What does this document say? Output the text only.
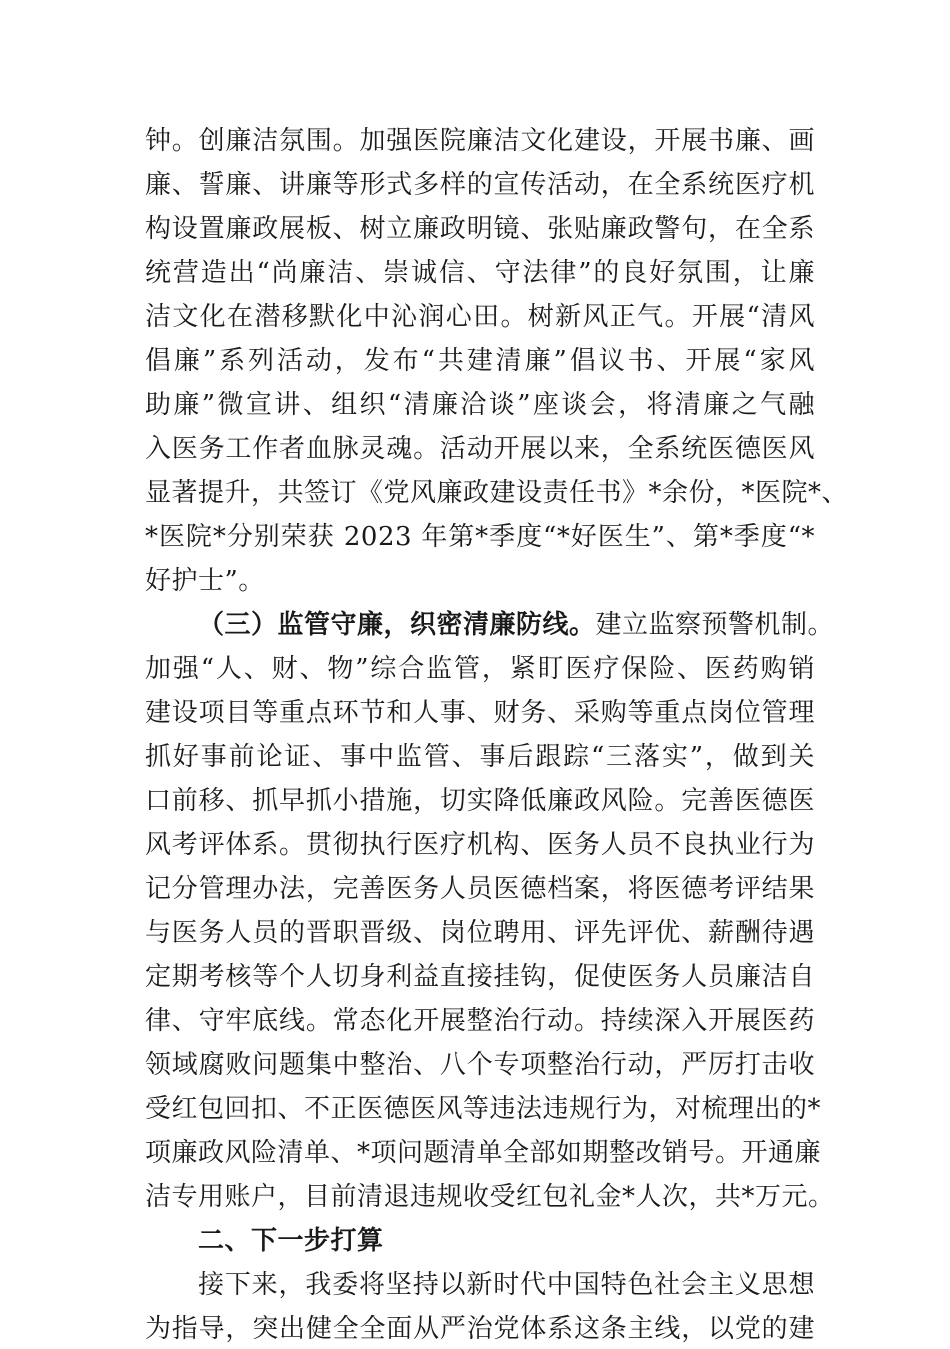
钟。创廉洁氛围。加强医院廉洁文化建设，开展书廉、画
廉、誓廉、讲廉等形式多样的宣传活动，在全系统医疗机
构设置廉政展板、树立廉政明镜、张贴廉政警句，在全系
统营造出“尚廉洁、崇诚信、守法律”的良好氛围，让廉
洁文化在潜移默化中沁润心田。树新风正气。开展“清风
倡廉”系列活动，发布“共建清廉”倡议书、开展“家风
助廉”微宣讲、组织“清廉洽谈”座谈会，将清廉之气融
入医务工作者血脉灵魂。活动开展以来，全系统医德医风
显著提升，共签订《党风廉政建设责任书》*余份，*医院*、
*医院*分别荣获 2023 年第*季度“*好医生”、第*季度“*
好护士”。
（三）监管守廉，织密清廉防线。建立监察预警机制。
加强“人、财、物”综合监管，紧盯医疗保险、医药购销
建设项目等重点环节和人事、财务、采购等重点岗位管理
抓好事前论证、事中监管、事后跟踪“三落实”，做到关
口前移、抓早抓小措施，切实降低廉政风险。完善医德医
风考评体系。贯彻执行医疗机构、医务人员不良执业行为
记分管理办法，完善医务人员医德档案，将医德考评结果
与医务人员的晋职晋级、岗位聘用、评先评优、薪酬待遇
定期考核等个人切身利益直接挂钩，促使医务人员廉洁自
律、守牢底线。常态化开展整治行动。持续深入开展医药
领域腐败问题集中整治、八个专项整治行动，严厉打击收
受红包回扣、不正医德医风等违法违规行为，对梳理出的*
项廉政风险清单、*项问题清单全部如期整改销号。开通廉
洁专用账户，目前清退违规收受红包礼金*人次，共*万元。
二、下一步打算
接下来，我委将坚持以新时代中国特色社会主义思想
为指导，突出健全全面从严治党体系这条主线，以党的建
